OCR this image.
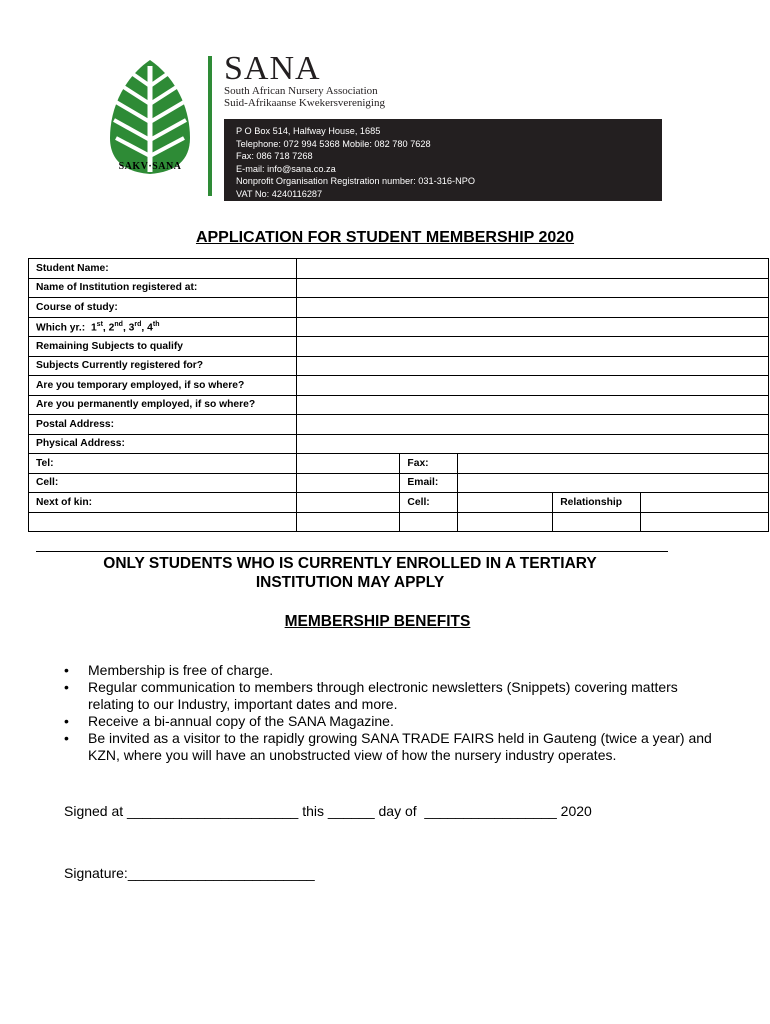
SAKV·SANA
SANA
South African Nursery Association
Suid-Afrikaanse Kwekersvereniging
P O Box 514, Halfway House, 1685
Telephone: 072 994 5368 Mobile: 082 780 7628
Fax: 086 718 7268
E-mail: info@sana.co.za
Nonprofit Organisation Registration number: 031-316-NPO
VAT No: 4240116287
APPLICATION FOR STUDENT MEMBERSHIP 2020
Student Name:					
Name of Institution registered at:					
Course of study:					
Which yr.: 1st, 2nd, 3rd, 4th	
Remaining Subjects to qualify					
Subjects Currently registered for?					
Are you temporary employed, if so where?					
Are you permanently employed, if so where?					
Postal Address:					
Physical Address:					
Tel:		Fax:			
Cell:		Email:			
Next of kin:		Cell:		Relationship	

ONLY STUDENTS WHO IS CURRENTLY ENROLLED IN A TERTIARY
INSTITUTION MAY APPLY
MEMBERSHIP BENEFITS
• Membership is free of charge.
• Regular communication to members through electronic newsletters (Snippets) covering matters relating to our Industry, important dates and more.
• Receive a bi-annual copy of the SANA Magazine.
• Be invited as a visitor to the rapidly growing SANA TRADE FAIRS held in Gauteng (twice a year) and KZN, where you will have an unobstructed view of how the nursery industry operates.
Signed at ______________________ this ______ day of  _________________ 2020
Signature:________________________
